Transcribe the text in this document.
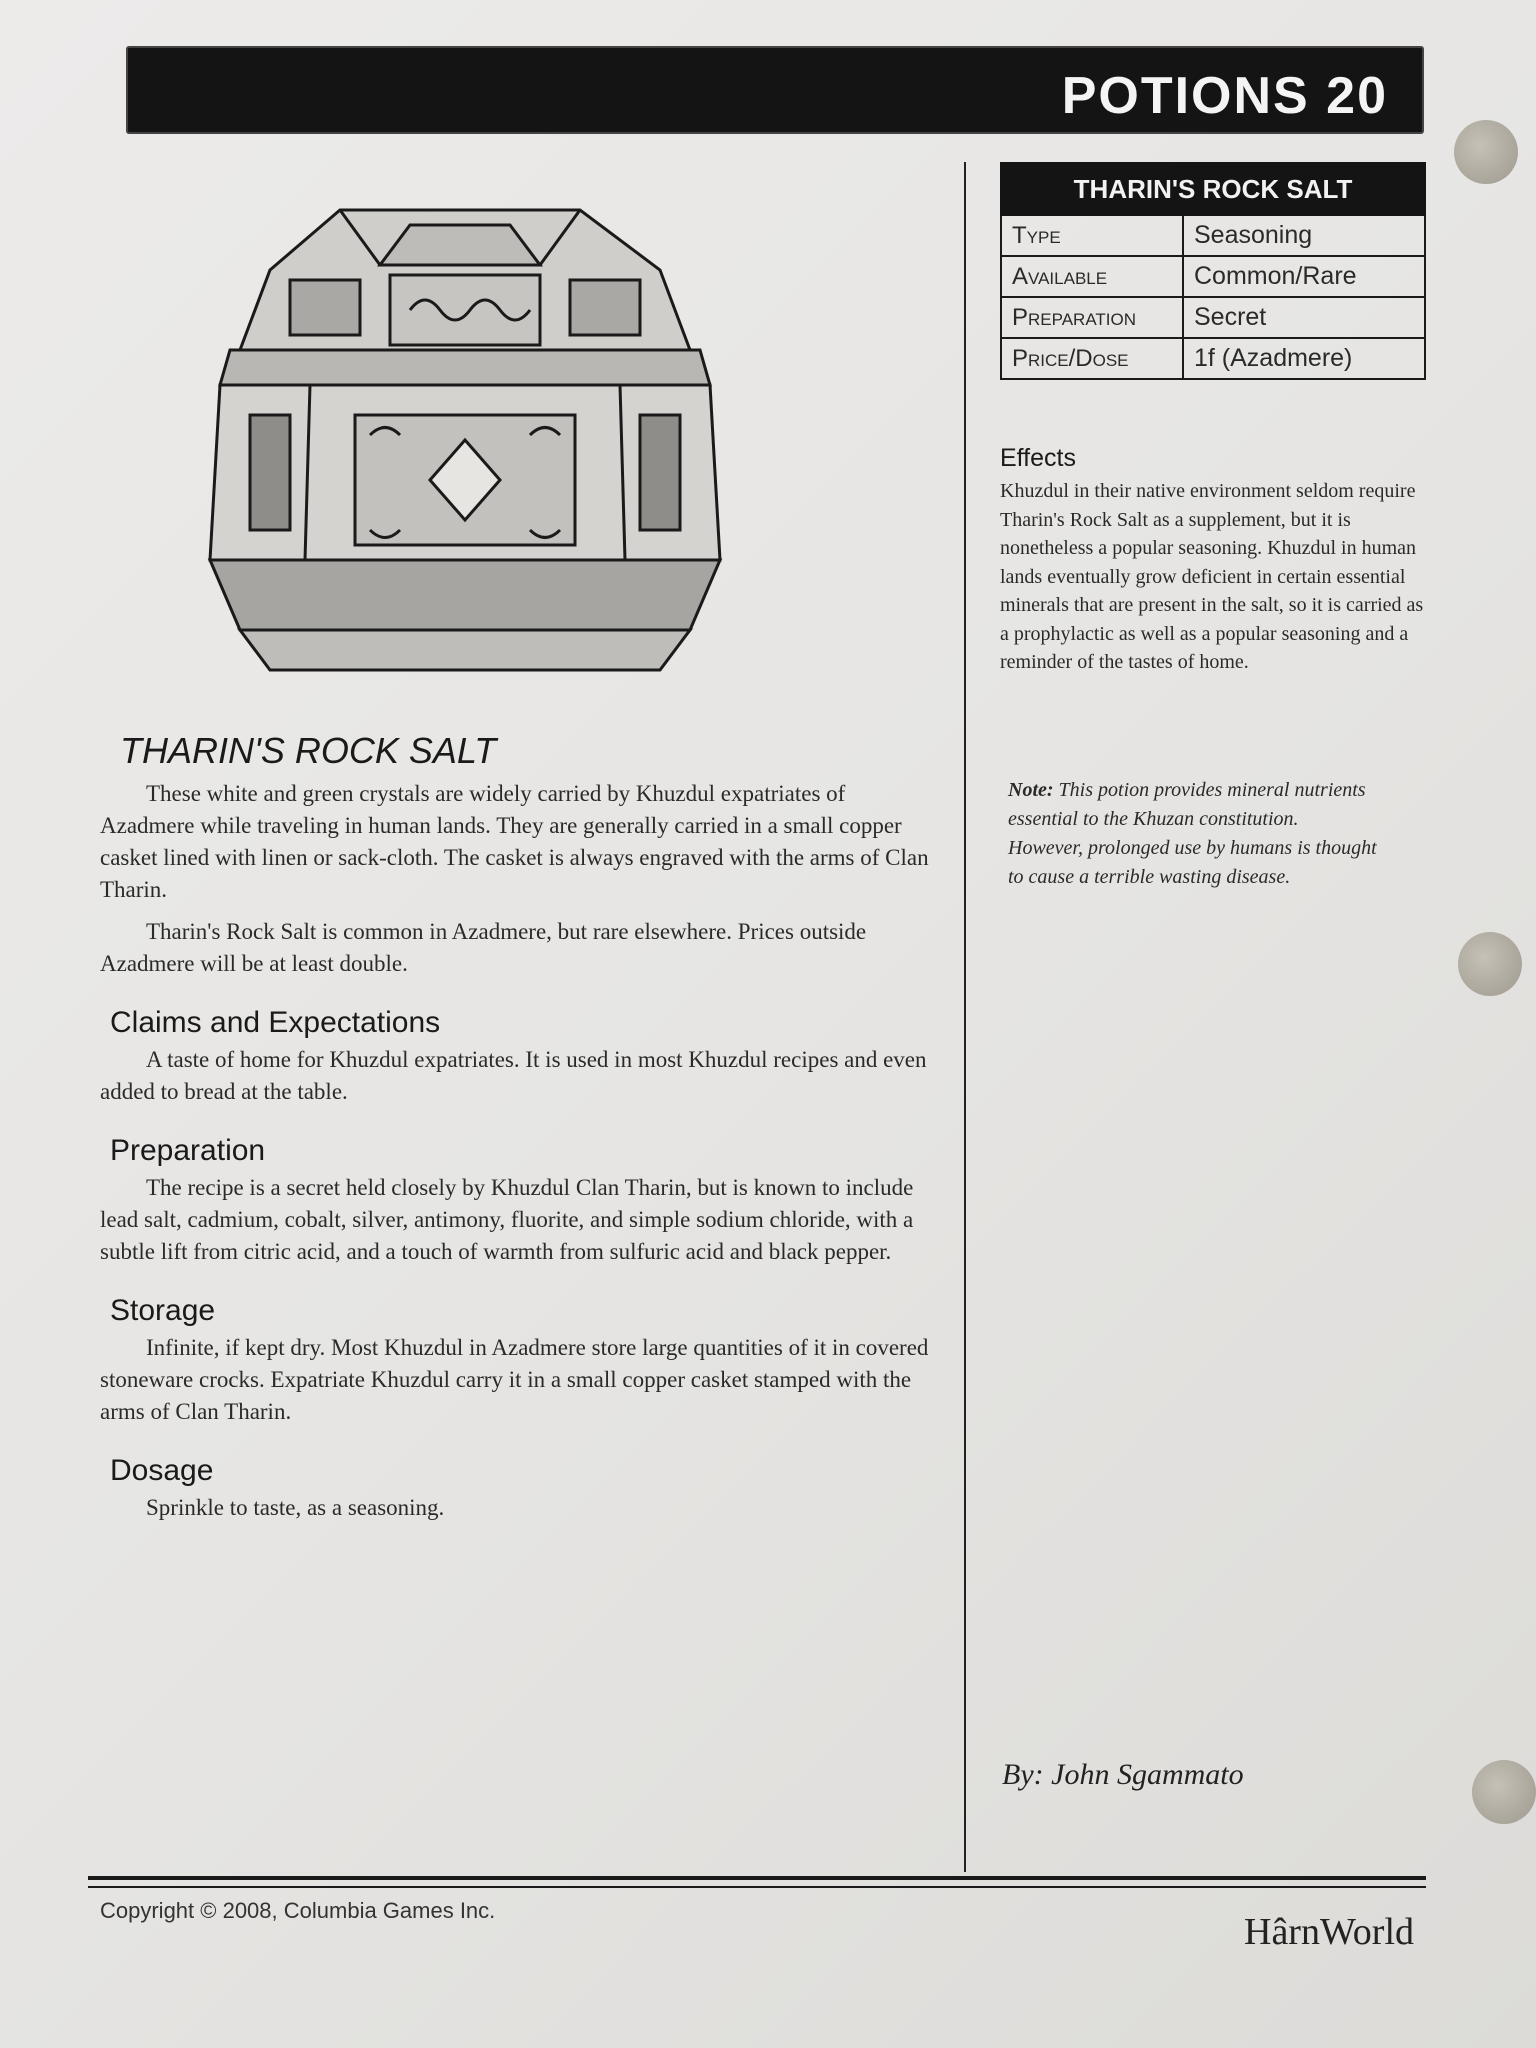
POTIONS 20
THARIN'S ROCK SALT

These white and green crystals are widely carried by Khuzdul expatriates of Azadmere while traveling in human lands. They are generally carried in a small copper casket lined with linen or sack-cloth. The casket is always engraved with the arms of Clan Tharin.

Tharin's Rock Salt is common in Azadmere, but rare elsewhere. Prices outside Azadmere will be at least double.

Claims and Expectations

A taste of home for Khuzdul expatriates. It is used in most Khuzdul recipes and even added to bread at the table.

Preparation

The recipe is a secret held closely by Khuzdul Clan Tharin, but is known to include lead salt, cadmium, cobalt, silver, antimony, fluorite, and simple sodium chloride, with a subtle lift from citric acid, and a touch of warmth from sulfuric acid and black pepper.

Storage

Infinite, if kept dry. Most Khuzdul in Azadmere store large quantities of it in covered stoneware crocks. Expatriate Khuzdul carry it in a small copper casket stamped with the arms of Clan Tharin.

Dosage

Sprinkle to taste, as a seasoning.

THARIN'S ROCK SALT	
Type	Seasoning
Available	Common/Rare
Preparation	Secret
Price/Dose	1f (Azadmere)
Effects
Khuzdul in their native environment seldom require Tharin's Rock Salt as a supplement, but it is nonetheless a popular seasoning. Khuzdul in human lands eventually grow deficient in certain essential minerals that are present in the salt, so it is carried as a prophylactic as well as a popular seasoning and a reminder of the tastes of home.
Note: This potion provides mineral nutrients essential to the Khuzan constitution. However, prolonged use by humans is thought to cause a terrible wasting disease.
By: John Sgammato
Copyright © 2008, Columbia Games Inc.
HârnWorld
